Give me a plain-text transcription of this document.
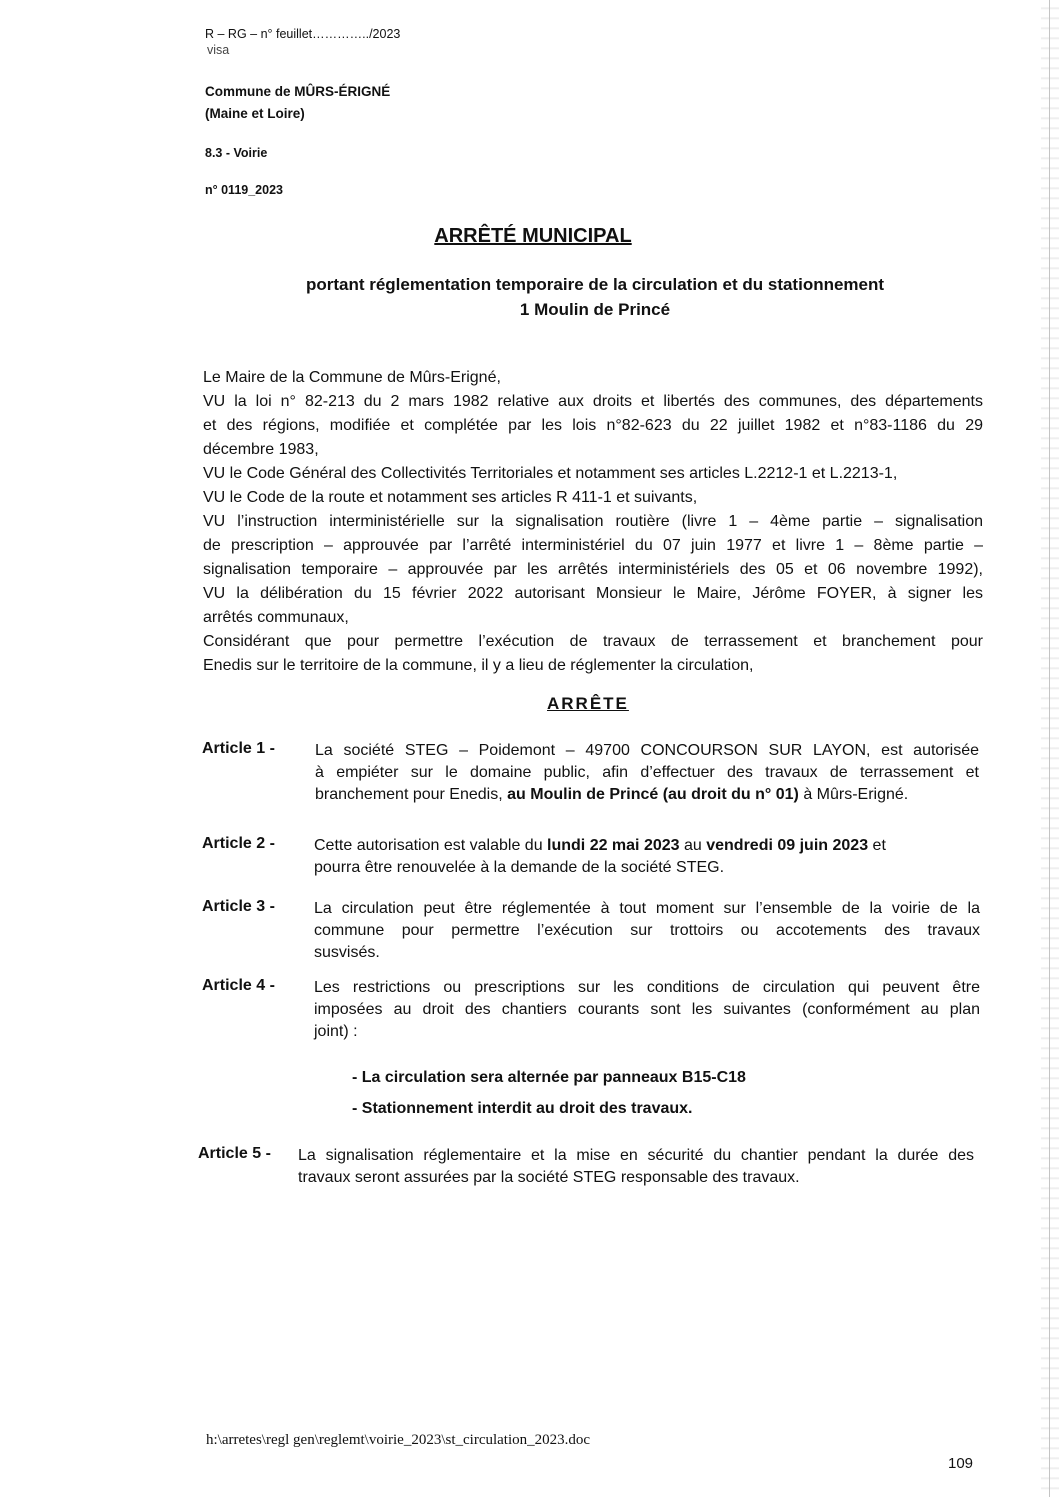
R – RG – n° feuillet…………../2023
visa
Commune de MÛRS-ÉRIGNÉ
(Maine et Loire)
8.3 - Voirie
n° 0119_2023
ARRÊTÉ MUNICIPAL
portant réglementation temporaire de la circulation et du stationnement
1 Moulin de Princé
Le Maire de la Commune de Mûrs-Erigné,
VU la loi n° 82-213 du 2 mars 1982 relative aux droits et libertés des communes, des départements
et des régions, modifiée et complétée par les lois n°82-623 du 22 juillet 1982 et n°83-1186 du 29
décembre 1983,
VU le Code Général des Collectivités Territoriales et notamment ses articles L.2212-1 et L.2213-1,
VU le Code de la route et notamment ses articles R 411-1 et suivants,
VU l’instruction interministérielle sur la signalisation routière (livre 1 – 4ème partie – signalisation
de prescription – approuvée par l’arrêté interministériel du 07 juin 1977 et livre 1 – 8ème partie –
signalisation temporaire – approuvée par les arrêtés interministériels des 05 et 06 novembre 1992),
VU la délibération du 15 février 2022 autorisant Monsieur le Maire, Jérôme FOYER, à signer les
arrêtés communaux,
Considérant que pour permettre l’exécution de travaux de terrassement et branchement pour
Enedis sur le territoire de la commune, il y a lieu de réglementer la circulation,
ARRÊTE
Article 1 -	La société STEG – Poidemont – 49700 CONCOURSON SUR LAYON, est autorisée
à empiéter sur le domaine public, afin d’effectuer des travaux de terrassement et
branchement pour Enedis, au Moulin de Princé (au droit du n° 01) à Mûrs-Erigné.
Article 2 - Cette autorisation est valable du lundi 22 mai 2023 au vendredi 09 juin 2023 et
pourra être renouvelée à la demande de la société STEG.
Article 3 - La circulation peut être réglementée à tout moment sur l’ensemble de la voirie de la
commune pour permettre l’exécution sur trottoirs ou accotements des travaux
susvisés.
Article 4 - Les restrictions ou prescriptions sur les conditions de circulation qui peuvent être
imposées au droit des chantiers courants sont les suivantes (conformément au plan
joint) :
- La circulation sera alternée par panneaux B15-C18
- Stationnement interdit au droit des travaux.
Article 5 - La signalisation réglementaire et la mise en sécurité du chantier pendant la durée des
travaux seront assurées par la société STEG responsable des travaux.
h:\arretes\regl gen\reglemt\voirie_2023\st_circulation_2023.doc
109
